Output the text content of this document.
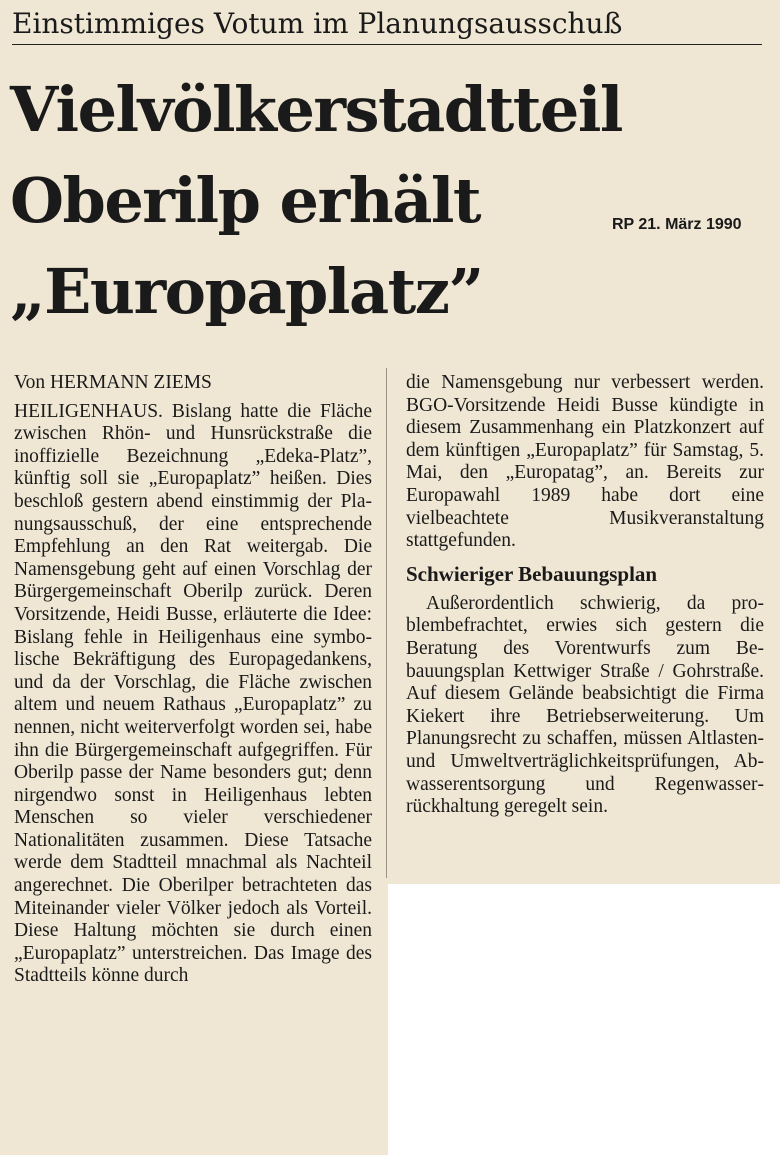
Einstimmiges Votum im Planungsausschuß
Vielvölkerstadtteil
Oberilp erhält
„Europaplatz”
RP 21. März 1990

Von HERMANN ZIEMS

HEILIGENHAUS. Bislang hatte die Fläche zwischen Rhön- und Hunsrückstraße die inoffizielle Bezeichnung „Edeka-Platz”, künftig soll sie „Europaplatz” heißen. Dies beschloß gestern abend einstimmig der Planungsausschuß, der eine entsprechende Empfehlung an den Rat weitergab. Die Namensgebung geht auf einen Vorschlag der Bürgergemeinschaft Oberilp zurück. Deren Vorsitzende, Heidi Busse, erläuterte die Idee: Bislang fehle in Heiligenhaus eine symbolische Bekräftigung des Europagedankens, und da der Vorschlag, die Fläche zwischen altem und neuem Rathaus „Europaplatz” zu nennen, nicht weiterverfolgt worden sei, habe ihn die Bürgergemeinschaft aufgegriffen. Für Oberilp passe der Name besonders gut; denn nirgendwo sonst in Heiligenhaus lebten Menschen so vieler verschiedener Nationalitäten zusammen. Diese Tatsache werde dem Stadtteil mnachmal als Nachteil angerechnet. Die Oberilper betrachteten das Miteinander vieler Völker jedoch als Vorteil. Diese Haltung möchten sie durch einen „Europaplatz” unterstreichen. Das Image des Stadtteils könne durch

die Namensgebung nur verbessert werden. BGO-Vorsitzende Heidi Busse kündigte in diesem Zusammenhang ein Platzkonzert auf dem künftigen „Europaplatz” für Samstag, 5. Mai, den „Europatag”, an. Bereits zur Europawahl 1989 habe dort eine vielbeachtete Musikveranstaltung stattgefunden.

Schwieriger Bebauungsplan

Außerordentlich schwierig, da problembefrachtet, erwies sich gestern die Beratung des Vorentwurfs zum Bebauungsplan Kettwiger Straße / Gohrstraße. Auf diesem Gelände beabsichtigt die Firma Kiekert ihre Betriebserweiterung. Um Planungsrecht zu schaffen, müssen Altlasten- und Umweltverträglichkeitsprüfungen, Abwasserentsorgung und Regenwasserrückhaltung geregelt sein.
